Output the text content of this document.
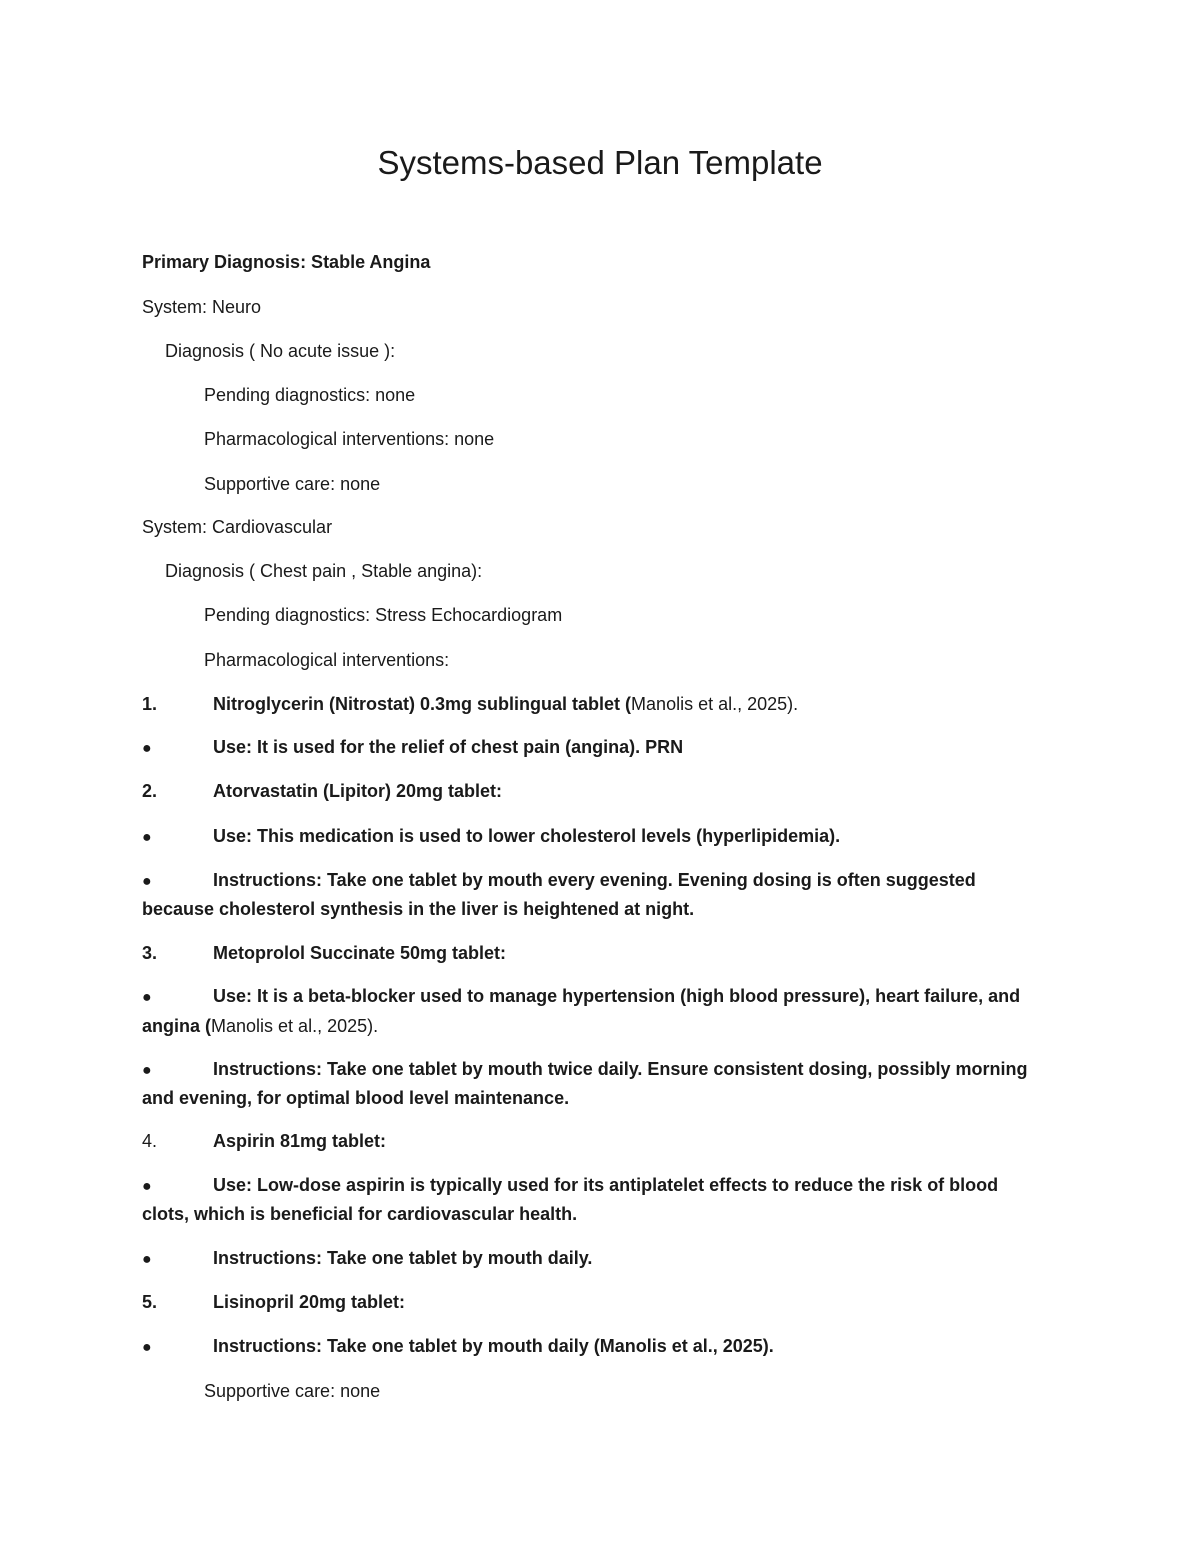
Systems-based Plan Template
Primary Diagnosis: Stable Angina
System: Neuro
Diagnosis ( No acute issue ):
Pending diagnostics: none
Pharmacological interventions: none
Supportive care: none
System: Cardiovascular
Diagnosis ( Chest pain , Stable angina):
Pending diagnostics: Stress Echocardiogram
Pharmacological interventions:
1.	Nitroglycerin (Nitrostat) 0.3mg sublingual tablet (Manolis et al., 2025).
●	Use: It is used for the relief of chest pain (angina). PRN
2.	Atorvastatin (Lipitor) 20mg tablet:
●	Use: This medication is used to lower cholesterol levels (hyperlipidemia).
●	Instructions: Take one tablet by mouth every evening. Evening dosing is often suggested
because cholesterol synthesis in the liver is heightened at night.
3.	Metoprolol Succinate 50mg tablet:
●	Use: It is a beta-blocker used to manage hypertension (high blood pressure), heart failure, and
angina (Manolis et al., 2025).
●	Instructions: Take one tablet by mouth twice daily. Ensure consistent dosing, possibly morning
and evening, for optimal blood level maintenance.
4.	Aspirin 81mg tablet:
●	Use: Low-dose aspirin is typically used for its antiplatelet effects to reduce the risk of blood
clots, which is beneficial for cardiovascular health.
●	Instructions: Take one tablet by mouth daily.
5.	Lisinopril 20mg tablet:
●	Instructions: Take one tablet by mouth daily (Manolis et al., 2025).
Supportive care: none
